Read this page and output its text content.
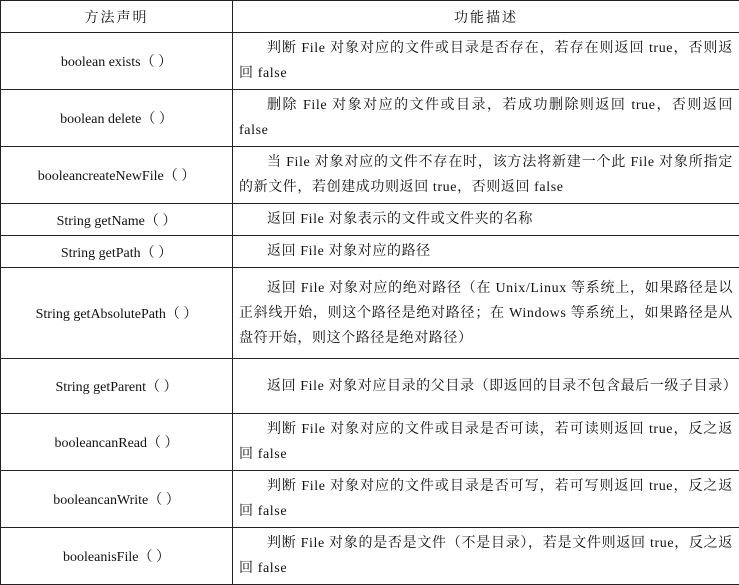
方法声明	功能描述
boolean exists（ ）	判断 File 对象对应的文件或目录是否存在，若存在则返回 true，否则返回 false

boolean delete（ ）	删除 File 对象对应的文件或目录，若成功删除则返回 true，否则返回 false

booleancreateNewFile（ ）	当 File 对象对应的文件不存在时，该方法将新建一个此 File 对象所指定的新文件，若创建成功则返回 true，否则返回 false

String getName（ ）	返回 File 对象表示的文件或文件夹的名称

String getPath（ ）	返回 File 对象对应的路径

String getAbsolutePath（ ）	返回 File 对象对应的绝对路径（在 Unix/Linux 等系统上，如果路径是以正斜线开始，则这个路径是绝对路径；在 Windows 等系统上，如果路径是从盘符开始，则这个路径是绝对路径）

String getParent（ ）	返回 File 对象对应目录的父目录（即返回的目录不包含最后一级子目录）

booleancanRead（ ）	判断 File 对象对应的文件或目录是否可读，若可读则返回 true，反之返回 false

booleancanWrite（ ）	判断 File 对象对应的文件或目录是否可写，若可写则返回 true，反之返回 false

booleanisFile（ ）	判断 File 对象的是否是文件（不是目录），若是文件则返回 true，反之返回 false
